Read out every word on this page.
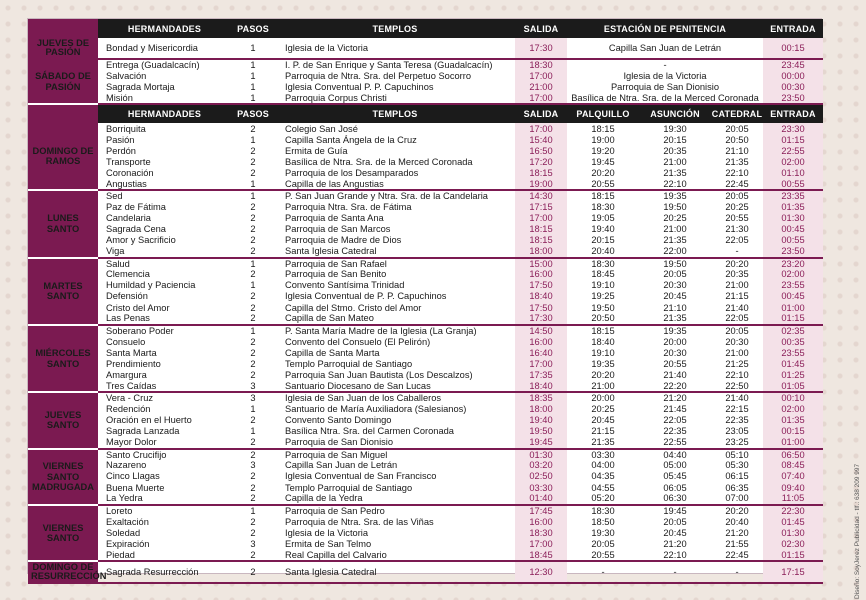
	HERMANDADES	PASOS	TEMPLOS	SALIDA	ESTACIÓN DE PENITENCIA			ENTRADA
JUEVES DE PASIÓN	Bondad y Misericordia	1	Iglesia de la Victoria	17:30	Capilla San Juan de Letrán			00:15
SÁBADO DE PASIÓN	Entrega (Guadalcacín)	1	I. P. de San Enrique y Santa Teresa (Guadalcacín)	18:30	-			23:45
	Salvación	1	Parroquia de Ntra. Sra. del Perpetuo Socorro	17:00	Iglesia de la Victoria			00:00
	Sagrada Mortaja	1	Iglesia Conventual P. P. Capuchinos	21:00	Parroquia de San Dionisio			00:30
	Misión	1	Parroquia Corpus Christi	17:00	Basílica de Ntra. Sra. de la Merced Coronada			23:50
	HERMANDADES	PASOS	TEMPLOS	SALIDA	PALQUILLO	ASUNCIÓN	CATEDRAL	ENTRADA
DOMINGO DE RAMOS	Borriquita	2	Colegio San José	17:00	18:15	19:30	20:05	23:30
	Pasión	1	Capilla Santa Ángela de la Cruz	15:40	19:00	20:15	20:50	01:15
	Perdón	2	Ermita de Guía	16:50	19:20	20:35	21:10	22:55
	Transporte	2	Basílica de Ntra. Sra. de la Merced Coronada	17:20	19:45	21:00	21:35	02:00
	Coronación	2	Parroquia de los Desamparados	18:15	20:20	21:35	22:10	01:10
	Angustias	1	Capilla de las Angustias	19:00	20:55	22:10	22:45	00:55
LUNES SANTO	Sed	1	P. San Juan Grande y Ntra. Sra. de la Candelaria	14:30	18:15	19:35	20:05	23:35
	Paz de Fátima	2	Parroquia Ntra. Sra. de Fátima	17:15	18:30	19:50	20:25	01:35
	Candelaria	2	Parroquia de Santa Ana	17:00	19:05	20:25	20:55	01:30
	Sagrada Cena	2	Parroquia de San Marcos	18:15	19:40	21:00	21:30	00:45
	Amor y Sacrificio	2	Parroquia de Madre de Dios	18:15	20:15	21:35	22:05	00:55
	Viga	2	Santa Iglesia Catedral	18:00	20:40	22:00	-	23:50
MARTES SANTO	Salud	1	Parroquia de San Rafael	15:00	18:30	19:50	20:20	23:20
	Clemencia	2	Parroquia de San Benito	16:00	18:45	20:05	20:35	02:00
	Humildad y Paciencia	1	Convento Santísima Trinidad	17:50	19:10	20:30	21:00	23:55
	Defensión	2	Iglesia Conventual de P. P. Capuchinos	18:40	19:25	20:45	21:15	00:45
	Cristo del Amor	2	Capilla del Stmo. Cristo del Amor	17:50	19:50	21:10	21:40	01:00
	Las Penas	2	Capilla de San Mateo	17:30	20:50	21:35	22:05	01:15
MIÉRCOLES SANTO	Soberano Poder	1	P. Santa María Madre de la Iglesia (La Granja)	14:50	18:15	19:35	20:05	02:35
	Consuelo	2	Convento del Consuelo (El Pelirón)	16:00	18:40	20:00	20:30	00:35
	Santa Marta	2	Capilla de Santa Marta	16:40	19:10	20:30	21:00	23:55
	Prendimiento	2	Templo Parroquial de Santiago	17:00	19:35	20:55	21:25	01:45
	Amargura	2	Parroquia San Juan Bautista (Los Descalzos)	17:35	20:20	21:40	22:10	01:25
	Tres Caídas	3	Santuario Diocesano de San Lucas	18:40	21:00	22:20	22:50	01:05
JUEVES SANTO	Vera - Cruz	3	Iglesia de San Juan de los Caballeros	18:35	20:00	21:20	21:40	00:10
	Redención	1	Santuario de María Auxiliadora (Salesianos)	18:00	20:25	21:45	22:15	02:00
	Oración en el Huerto	2	Convento Santo Domingo	19:40	20:45	22:05	22:35	01:35
	Sagrada Lanzada	1	Basílica Ntra. Sra. del Carmen Coronada	19:50	21:15	22:35	23:05	00:15
	Mayor Dolor	2	Parroquia de San Dionisio	19:45	21:35	22:55	23:25	01:00
VIERNES SANTO MADRUGADA	Santo Crucifijo	2	Parroquia de San Miguel	01:30	03:30	04:40	05:10	06:50
	Nazareno	3	Capilla San Juan de Letrán	03:20	04:00	05:00	05:30	08:45
	Cinco Llagas	2	Iglesia Conventual de San Francisco	02:50	04:35	05:45	06:15	07:40
	Buena Muerte	2	Templo Parroquial de Santiago	03:30	04:55	06:05	06:35	09:40
	La Yedra	2	Capilla de la Yedra	01:40	05:20	06:30	07:00	11:05
VIERNES SANTO	Loreto	1	Parroquia de San Pedro	17:45	18:30	19:45	20:20	22:30
	Exaltación	2	Parroquia de Ntra. Sra. de las Viñas	16:00	18:50	20:05	20:40	01:45
	Soledad	2	Iglesia de la Victoria	18:30	19:30	20:45	21:20	01:30
	Expiración	3	Ermita de San Telmo	17:00	20:05	21:20	21:55	02:30
	Piedad	2	Real Capilla del Calvario	18:45	20:55	22:10	22:45	01:15
DOMINGO DE RESURRECCIÓN	Sagrada Resurrección	2	Santa Iglesia Catedral	12:30	-	-	-	17:15	Diseño: SoyJerez Publicidad - tlf.: 638 209 997
